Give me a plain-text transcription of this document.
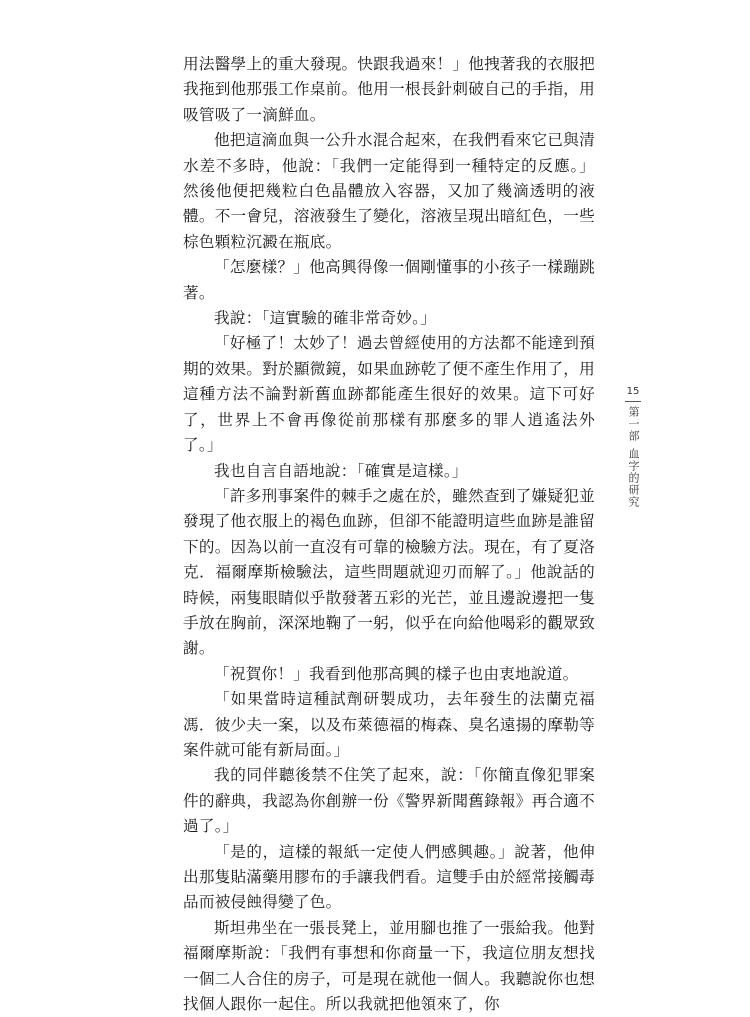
用法醫學上的重大發現。快跟我過來！」他拽著我的衣服把我拖到他那張工作桌前。他用一根長針刺破自己的手指，用吸管吸了一滴鮮血。

他把這滴血與一公升水混合起來，在我們看來它已與清水差不多時，他說：「我們一定能得到一種特定的反應。」然後他便把幾粒白色晶體放入容器，又加了幾滴透明的液體。不一會兒，溶液發生了變化，溶液呈現出暗紅色，一些棕色顆粒沉澱在瓶底。

「怎麼樣？」他高興得像一個剛懂事的小孩子一樣蹦跳著。

我說：「這實驗的確非常奇妙。」

「好極了！太妙了！過去曾經使用的方法都不能達到預期的效果。對於顯微鏡，如果血跡乾了便不產生作用了，用這種方法不論對新舊血跡都能產生很好的效果。這下可好了，世界上不會再像從前那樣有那麼多的罪人逍遙法外了。」

我也自言自語地說：「確實是這樣。」

「許多刑事案件的棘手之處在於，雖然查到了嫌疑犯並發現了他衣服上的褐色血跡，但卻不能證明這些血跡是誰留下的。因為以前一直沒有可靠的檢驗方法。現在，有了夏洛克．福爾摩斯檢驗法，這些問題就迎刃而解了。」他說話的時候，兩隻眼睛似乎散發著五彩的光芒，並且邊說邊把一隻手放在胸前，深深地鞠了一躬，似乎在向給他喝彩的觀眾致謝。

「祝賀你！」我看到他那高興的樣子也由衷地說道。

「如果當時這種試劑研製成功，去年發生的法蘭克福馮．彼少夫一案，以及布萊德福的梅森、臭名遠揚的摩勒等案件就可能有新局面。」

我的同伴聽後禁不住笑了起來，說：「你簡直像犯罪案件的辭典，我認為你創辦一份《警界新聞舊錄報》再合適不過了。」

「是的，這樣的報紙一定使人們感興趣。」說著，他伸出那隻貼滿藥用膠布的手讓我們看。這雙手由於經常接觸毒品而被侵蝕得變了色。

斯坦弗坐在一張長凳上，並用腳也推了一張給我。他對福爾摩斯說：「我們有事想和你商量一下，我這位朋友想找一個二人合住的房子，可是現在就他一個人。我聽說你也想找個人跟你一起住。所以我就把他領來了，你

15
第一部
血字的研究
